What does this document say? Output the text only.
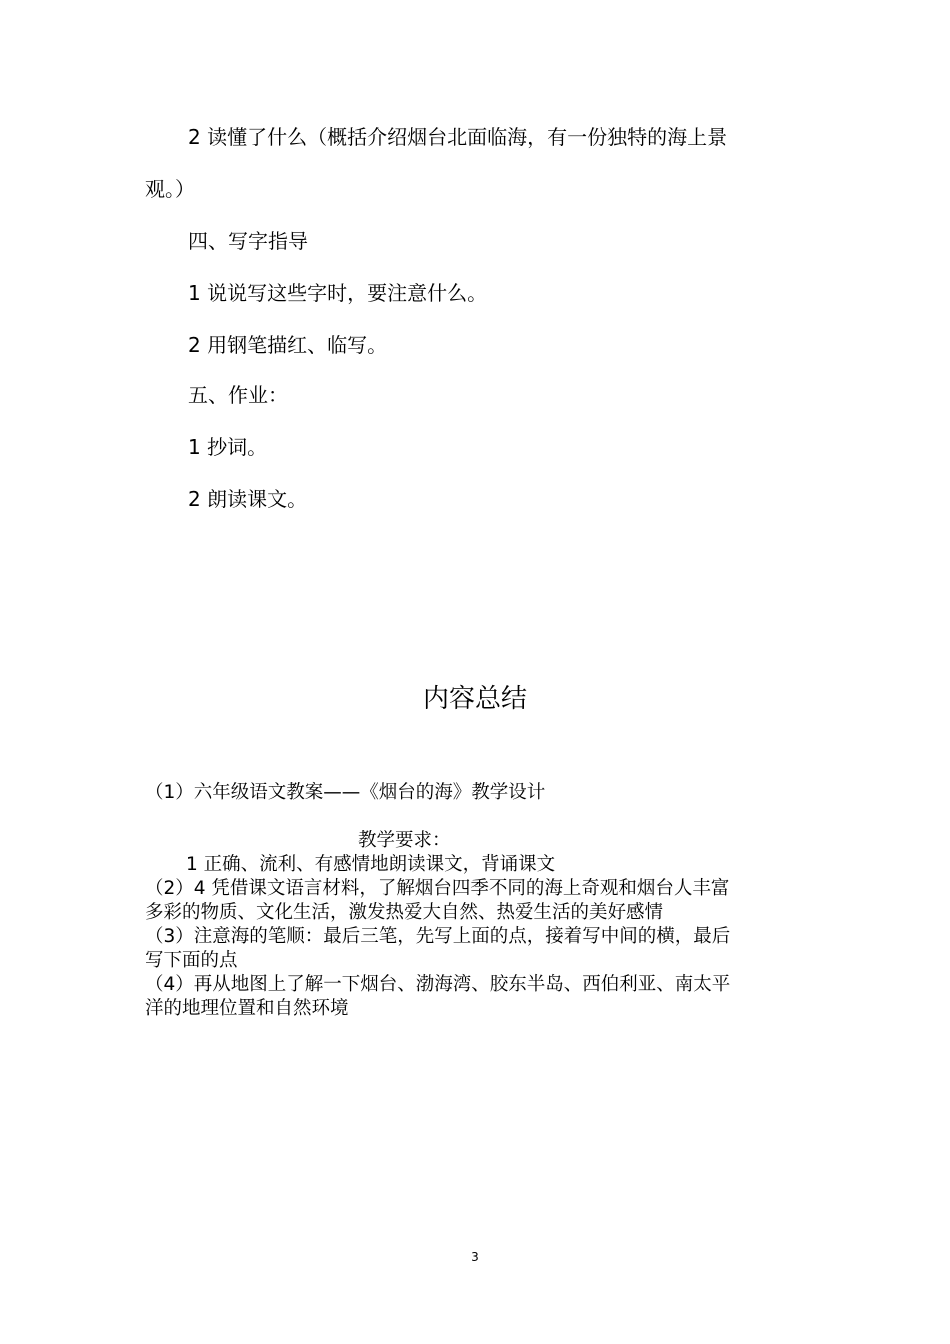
2 读懂了什么（概括介绍烟台北面临海，有一份独特的海上景
观。）
四、写字指导
1 说说写这些字时，要注意什么。
2 用钢笔描红、临写。
五、作业：
1 抄词。
2 朗读课文。
内容总结
（1）六年级语文教案——《烟台的海》教学设计
教学要求：
1 正确、流利、有感情地朗读课文，背诵课文
（2）4 凭借课文语言材料，了解烟台四季不同的海上奇观和烟台人丰富
多彩的物质、文化生活，激发热爱大自然、热爱生活的美好感情
（3）注意海的笔顺：最后三笔，先写上面的点，接着写中间的横，最后
写下面的点
（4）再从地图上了解一下烟台、渤海湾、胶东半岛、西伯利亚、南太平
洋的地理位置和自然环境
3
